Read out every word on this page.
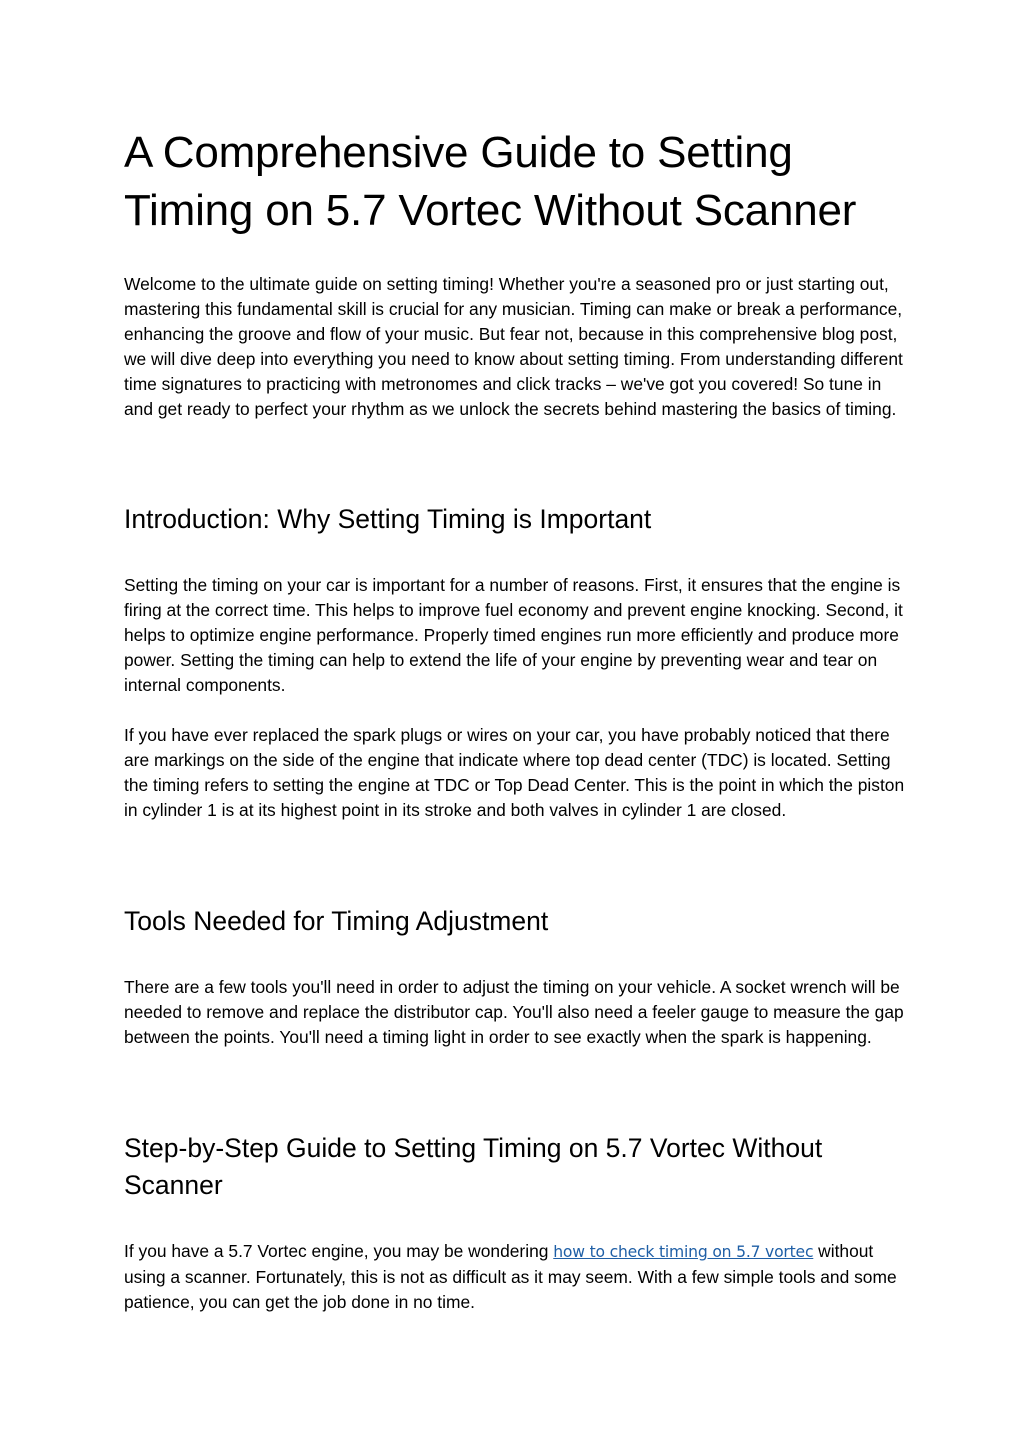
A Comprehensive Guide to Setting Timing on 5.7 Vortec Without Scanner

Welcome to the ultimate guide on setting timing! Whether you're a seasoned pro or just starting out, mastering this fundamental skill is crucial for any musician. Timing can make or break a performance, enhancing the groove and flow of your music. But fear not, because in this comprehensive blog post, we will dive deep into everything you need to know about setting timing. From understanding different time signatures to practicing with metronomes and click tracks – we've got you covered! So tune in and get ready to perfect your rhythm as we unlock the secrets behind mastering the basics of timing.

Introduction: Why Setting Timing is Important

Setting the timing on your car is important for a number of reasons. First, it ensures that the engine is firing at the correct time. This helps to improve fuel economy and prevent engine knocking. Second, it helps to optimize engine performance. Properly timed engines run more efficiently and produce more power. Setting the timing can help to extend the life of your engine by preventing wear and tear on internal components.

If you have ever replaced the spark plugs or wires on your car, you have probably noticed that there are markings on the side of the engine that indicate where top dead center (TDC) is located. Setting the timing refers to setting the engine at TDC or Top Dead Center. This is the point in which the piston in cylinder 1 is at its highest point in its stroke and both valves in cylinder 1 are closed.

Tools Needed for Timing Adjustment

There are a few tools you'll need in order to adjust the timing on your vehicle. A socket wrench will be needed to remove and replace the distributor cap. You'll also need a feeler gauge to measure the gap between the points. You'll need a timing light in order to see exactly when the spark is happening.

Step-by-Step Guide to Setting Timing on 5.7 Vortec Without Scanner

If you have a 5.7 Vortec engine, you may be wondering how to check timing on 5.7 vortec without using a scanner. Fortunately, this is not as difficult as it may seem. With a few simple tools and some patience, you can get the job done in no time.
